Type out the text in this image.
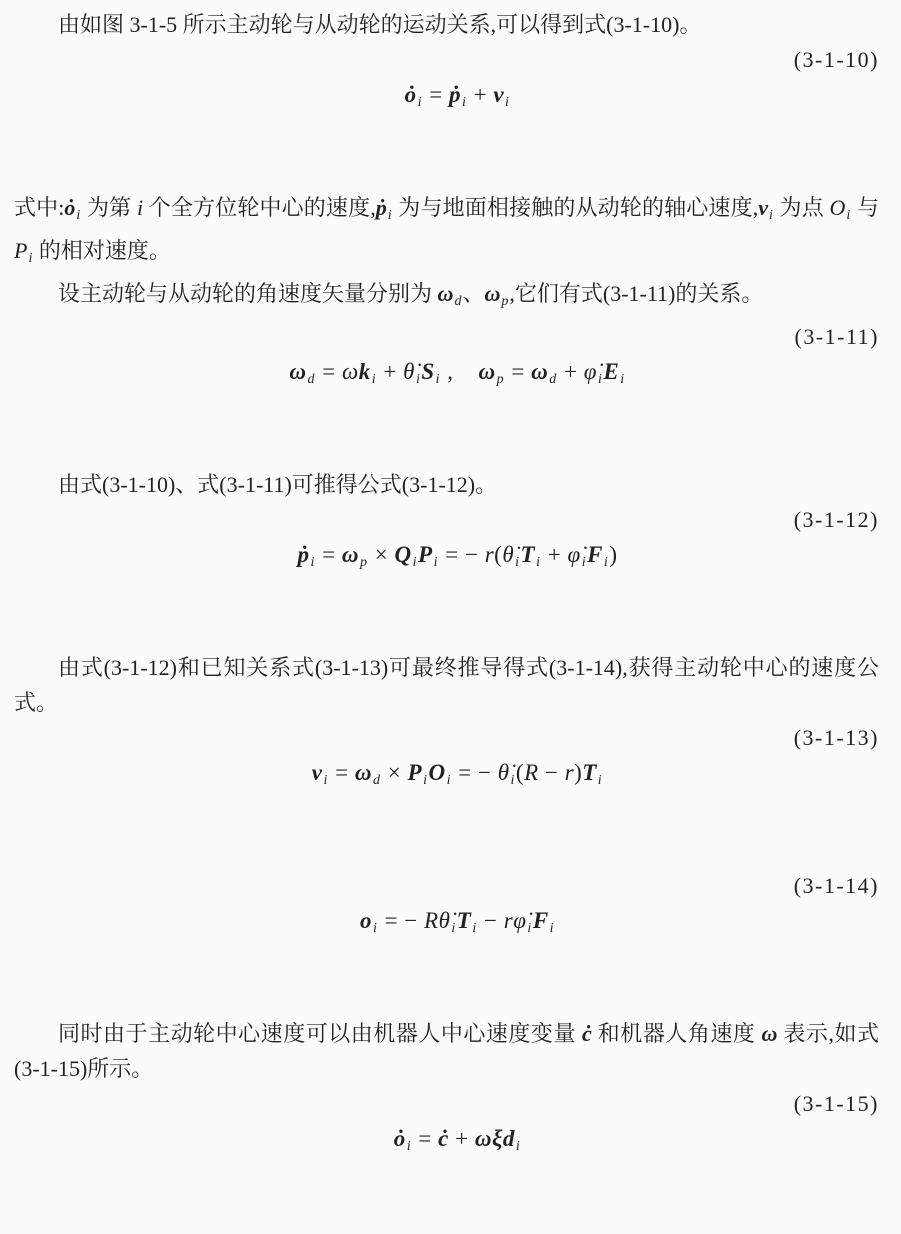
由如图 3-1-5 所示主动轮与从动轮的运动关系,可以得到式(3-1-10)。

ȯi = ṗi + vi

(3-1-10)

式中:ȯi 为第 i 个全方位轮中心的速度,ṗi 为与地面相接触的从动轮的轴心速度,vi 为点 Oi 与 Pi 的相对速度。

设主动轮与从动轮的角速度矢量分别为 ωd、ωp,它们有式(3-1-11)的关系。

ωd = ωki + θ̇iSi ,    ωp = ωd + φ̇iEi

(3-1-11)

由式(3-1-10)、式(3-1-11)可推得公式(3-1-12)。

ṗi = ωp × QiPi = − r(θ̇iTi + φ̇iFi)

(3-1-12)

由式(3-1-12)和已知关系式(3-1-13)可最终推导得式(3-1-14),获得主动轮中心的速度公式。

vi = ωd × PiOi = − θ̇i(R − r)Ti

(3-1-13)

oi = − Rθ̇iTi − rφ̇iFi

(3-1-14)

同时由于主动轮中心速度可以由机器人中心速度变量 ċ 和机器人角速度 ω 表示,如式(3-1-15)所示。

ȯi = ċ + ωξdi

(3-1-15)
